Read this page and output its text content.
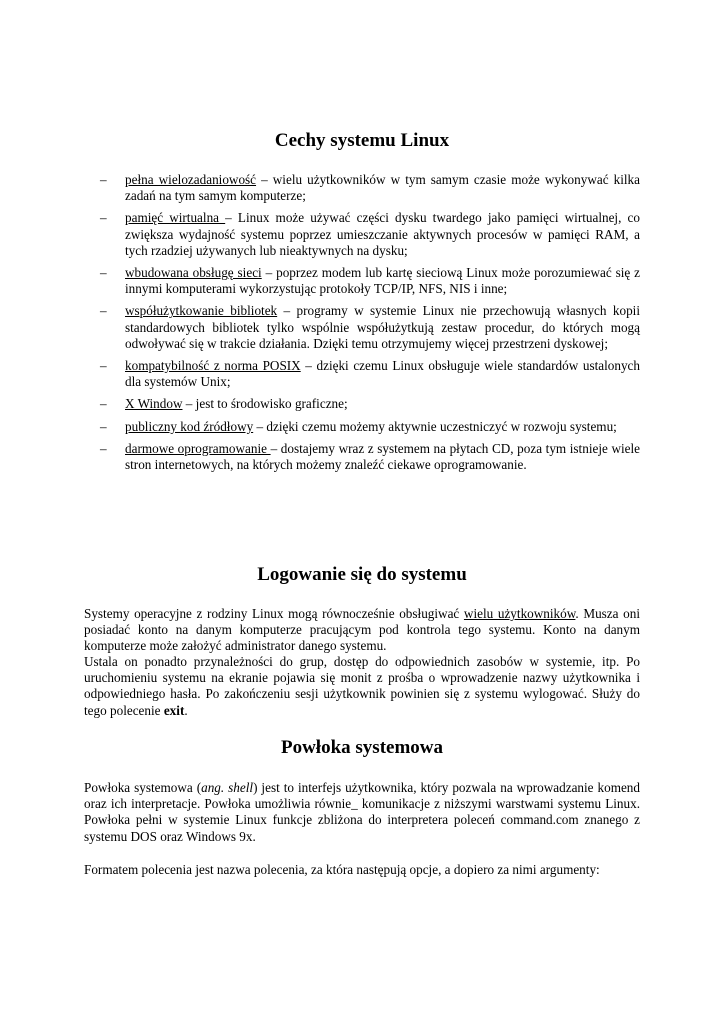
Cechy systemu Linux
– pełna wielozadaniowość – wielu użytkowników w tym samym czasie może wykonywać kilka zadań na tym samym komputerze;
– pamięć wirtualna – Linux może używać części dysku twardego jako pamięci wirtualnej, co zwiększa wydajność systemu poprzez umieszczanie aktywnych procesów w pamięci RAM, a tych rzadziej używanych lub nieaktywnych na dysku;
– wbudowana obsługę sieci – poprzez modem lub kartę sieciową Linux może porozumiewać się z innymi komputerami wykorzystując protokoły TCP/IP, NFS, NIS i inne;
– współużytkowanie bibliotek – programy w systemie Linux nie przechowują własnych kopii standardowych bibliotek tylko wspólnie współużytkują zestaw procedur, do których mogą odwoływać się w trakcie działania. Dzięki temu otrzymujemy więcej przestrzeni dyskowej;
– kompatybilność z norma POSIX – dzięki czemu Linux obsługuje wiele standardów ustalonych dla systemów Unix;
– X Window – jest to środowisko graficzne;
– publiczny kod źródłowy – dzięki czemu możemy aktywnie uczestniczyć w rozwoju systemu;
– darmowe oprogramowanie – dostajemy wraz z systemem na płytach CD, poza tym istnieje wiele stron internetowych, na których możemy znaleźć ciekawe oprogramowanie.
Logowanie się do systemu

Systemy operacyjne z rodziny Linux mogą równocześnie obsługiwać wielu użytkowników. Musza oni posiadać konto na danym komputerze pracującym pod kontrola tego systemu. Konto na danym komputerze może założyć administrator danego systemu.

Ustala on ponadto przynależności do grup, dostęp do odpowiednich zasobów w systemie, itp. Po uruchomieniu systemu na ekranie pojawia się monit z prośba o wprowadzenie nazwy użytkownika i odpowiedniego hasła. Po zakończeniu sesji użytkownik powinien się z systemu wylogować. Służy do tego polecenie exit.

Powłoka systemowa

Powłoka systemowa (ang. shell) jest to interfejs użytkownika, który pozwala na wprowadzanie komend oraz ich interpretacje. Powłoka umożliwia równie_ komunikacje z niższymi warstwami systemu Linux. Powłoka pełni w systemie Linux funkcje zbliżona do interpretera poleceń command.com znanego z systemu DOS oraz Windows 9x.

Formatem polecenia jest nazwa polecenia, za która następują opcje, a dopiero za nimi argumenty:
